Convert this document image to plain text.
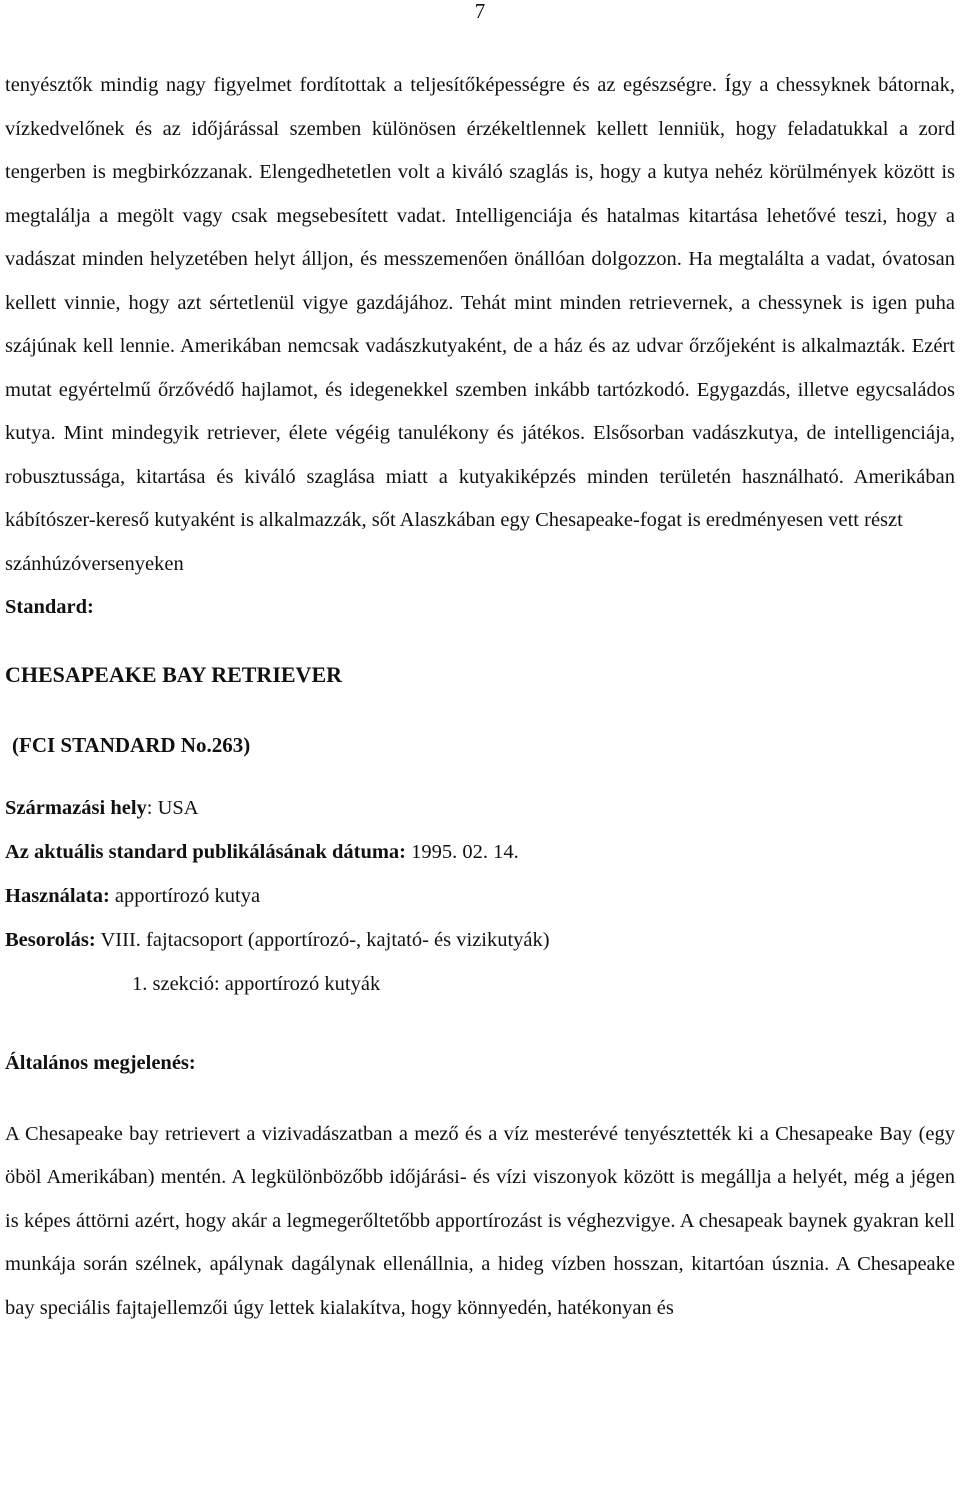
7

tenyésztők mindig nagy figyelmet fordítottak a teljesítőképességre és az egészségre. Így a chessyknek bátornak, vízkedvelőnek és az időjárással szemben különösen érzékeltlennek kellett lenniük, hogy feladatukkal a zord tengerben is megbirkózzanak. Elengedhetetlen volt a kiváló szaglás is, hogy a kutya nehéz körülmények között is megtalálja a megölt vagy csak megsebesített vadat. Intelligenciája és hatalmas kitartása lehetővé teszi, hogy a vadászat minden helyzetében helyt álljon, és messzemenően önállóan dolgozzon. Ha megtalálta a vadat, óvatosan kellett vinnie, hogy azt sértetlenül vigye gazdájához. Tehát mint minden retrievernek, a chessynek is igen puha szájúnak kell lennie. Amerikában nemcsak vadászkutyaként, de a ház és az udvar őrzőjeként is alkalmazták. Ezért mutat egyértelmű őrzővédő hajlamot, és idegenekkel szemben inkább tartózkodó. Egygazdás, illetve egycsaládos kutya. Mint mindegyik retriever, élete végéig tanulékony és játékos. Elsősorban vadászkutya, de intelligenciája, robusztussága, kitartása és kiváló szaglása miatt a kutyakiképzés minden területén használható. Amerikában kábítószer-kereső kutyaként is alkalmazzák, sőt Alaszkában egy Chesapeake-fogat is eredményesen vett részt

szánhúzóversenyeken

Standard:

CHESAPEAKE BAY RETRIEVER

(FCI STANDARD No.263)

Származási hely: USA

Az aktuális standard publikálásának dátuma: 1995. 02. 14.

Használata: apportírozó kutya

Besorolás: VIII. fajtacsoport (apportírozó-, kajtató- és vizikutyák)

1. szekció: apportírozó kutyák

Általános megjelenés:

A Chesapeake bay retrievert a vizivadászatban a mező és a víz mesterévé tenyésztették ki a Chesapeake Bay (egy öböl Amerikában) mentén. A legkülönbözőbb időjárási- és vízi viszonyok között is megállja a helyét, még a jégen is képes áttörni azért, hogy akár a legmegerőltetőbb apportírozást is véghezvigye. A chesapeak baynek gyakran kell munkája során szélnek, apálynak dagálynak ellenállnia, a hideg vízben hosszan, kitartóan úsznia. A Chesapeake bay speciális fajtajellemzői úgy lettek kialakítva, hogy könnyedén, hatékonyan és
